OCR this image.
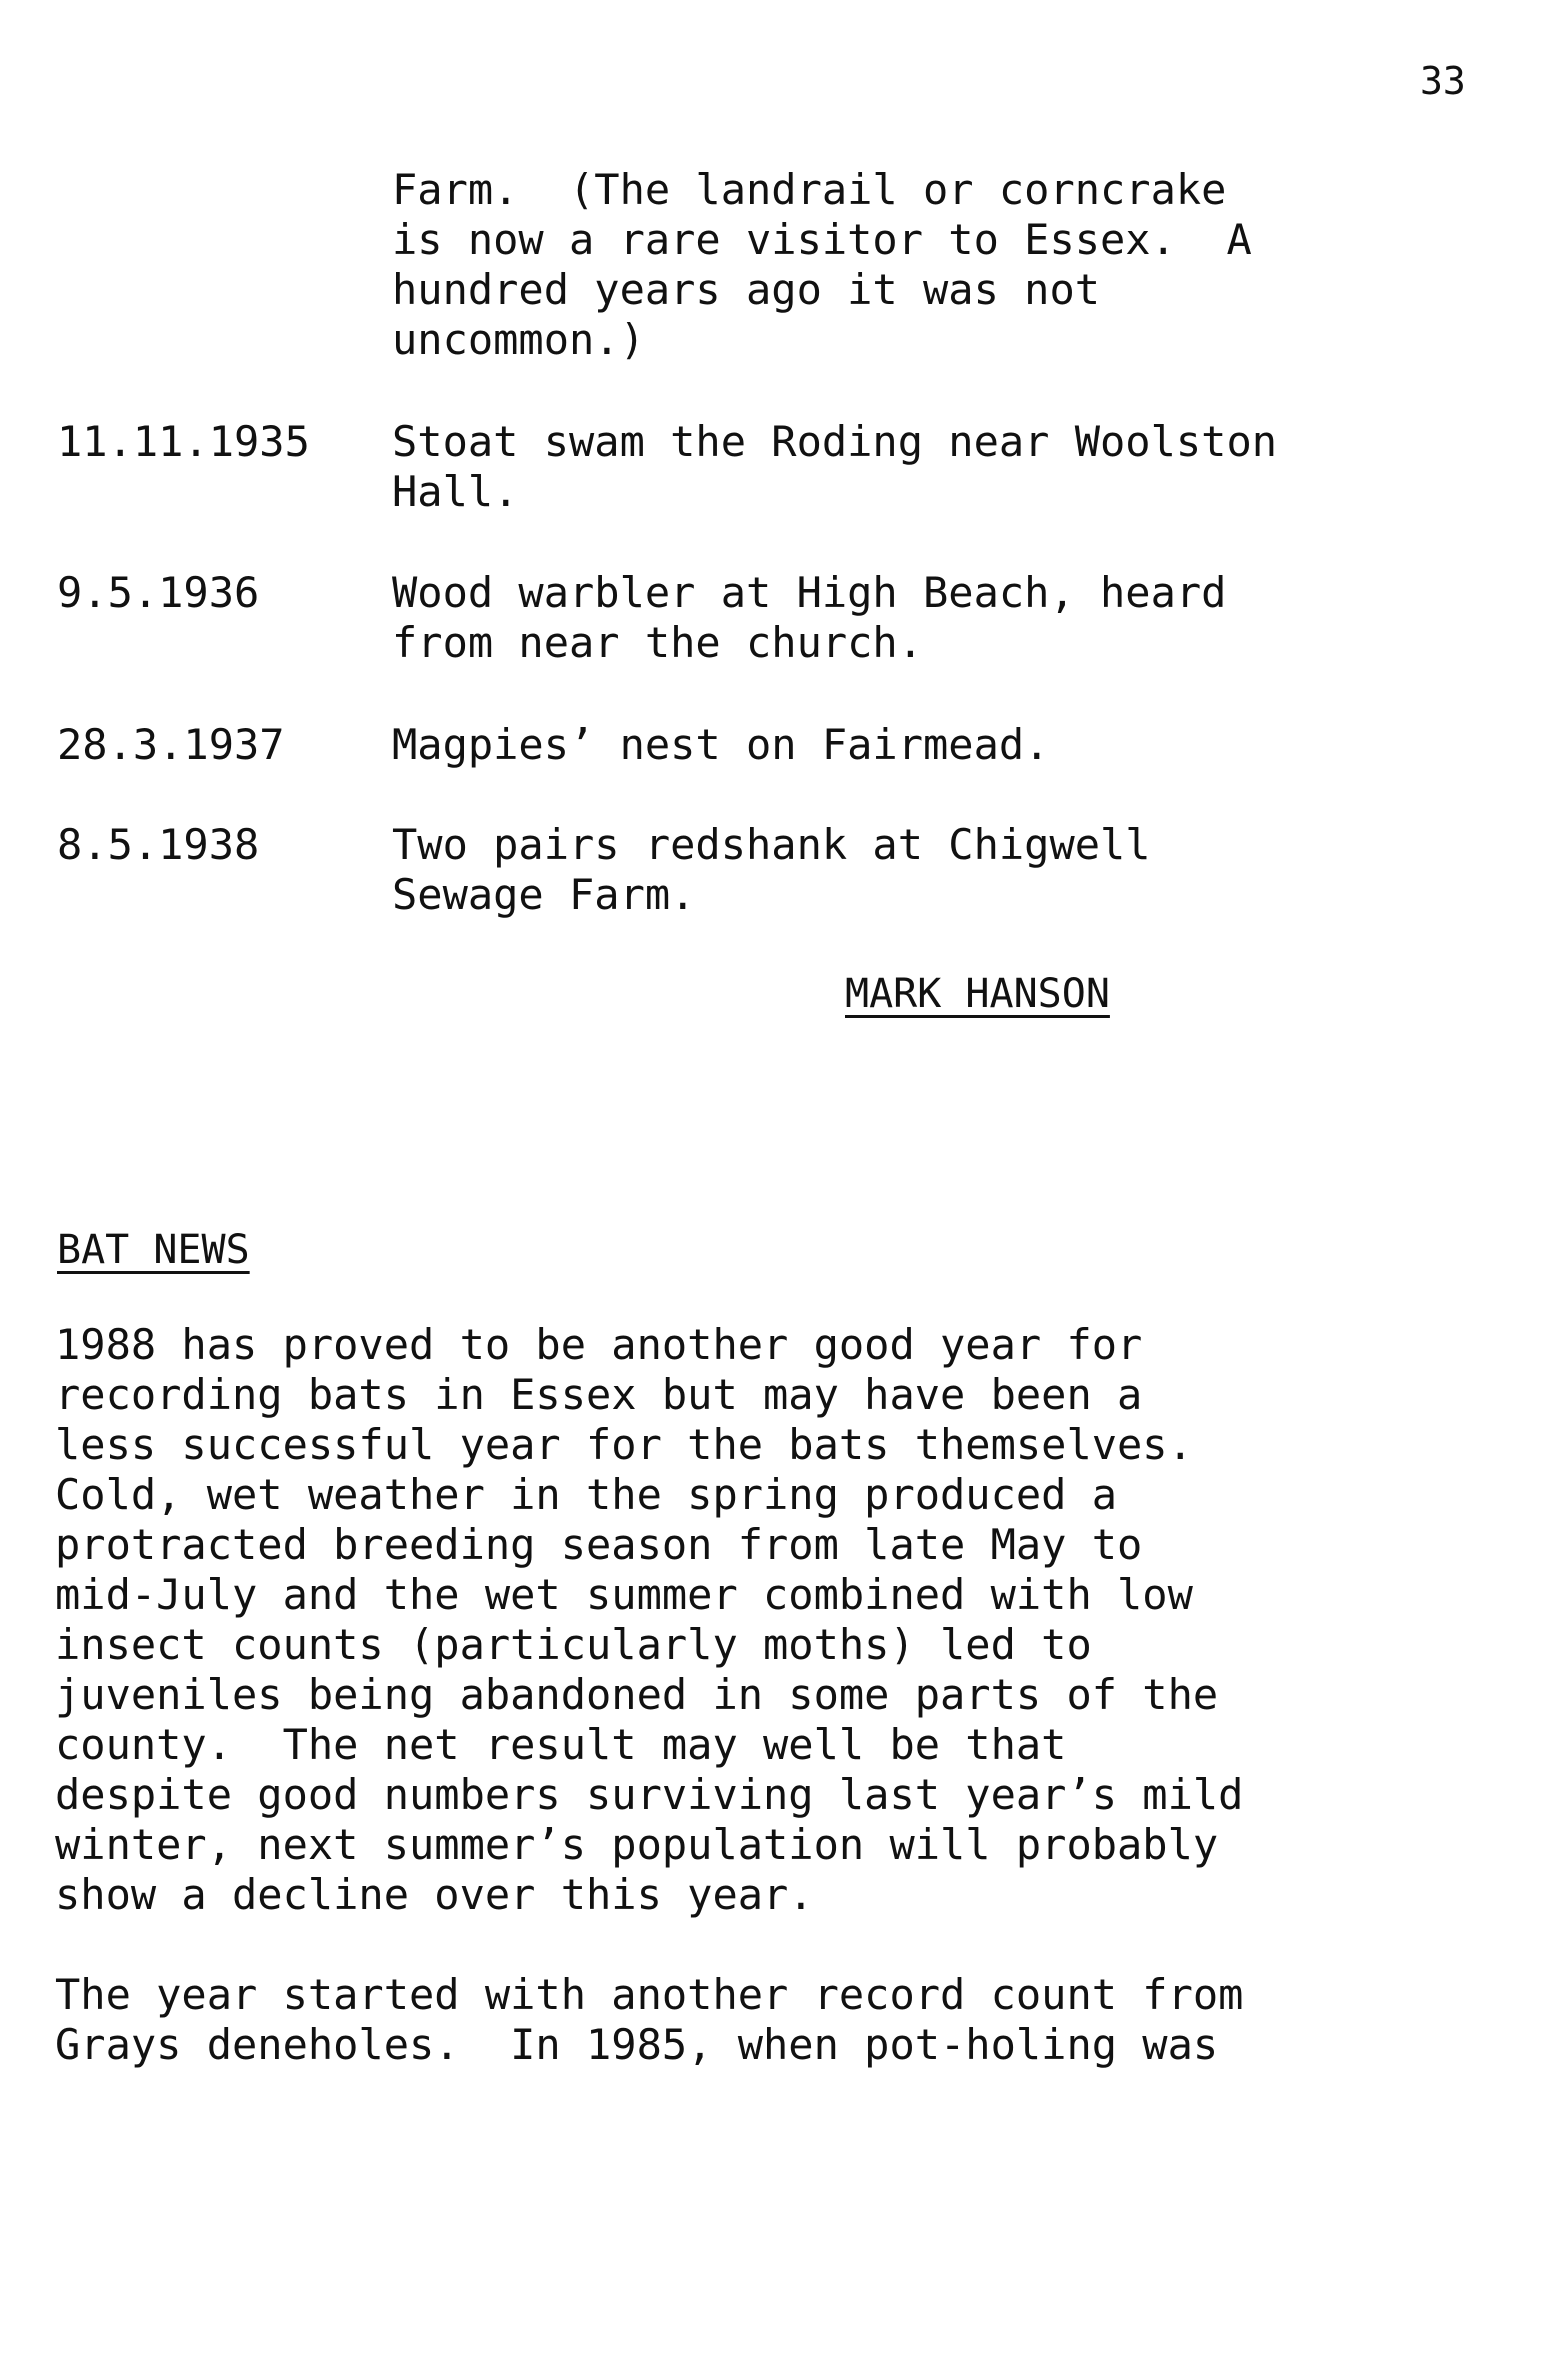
33
Farm.  (The landrail or corncrake
is now a rare visitor to Essex.  A
hundred years ago it was not
uncommon.)
11.11.1935 Stoat swam the Roding near Woolston
Hall.
9.5.1936	Wood warbler at High Beach, heard
from near the church.
28.3.1937	Magpies’ nest on Fairmead.
8.5.1938	Two pairs redshank at Chigwell
Sewage Farm.
MARK HANSON
BAT NEWS
1988 has proved to be another good year for
recording bats in Essex but may have been a
less successful year for the bats themselves.
Cold, wet weather in the spring produced a
protracted breeding season from late May to
mid-July and the wet summer combined with low
insect counts (particularly moths) led to
juveniles being abandoned in some parts of the
county.  The net result may well be that
despite good numbers surviving last year’s mild
winter, next summer’s population will probably
show a decline over this year.
The year started with another record count from
Grays deneholes.  In 1985, when pot-holing was
